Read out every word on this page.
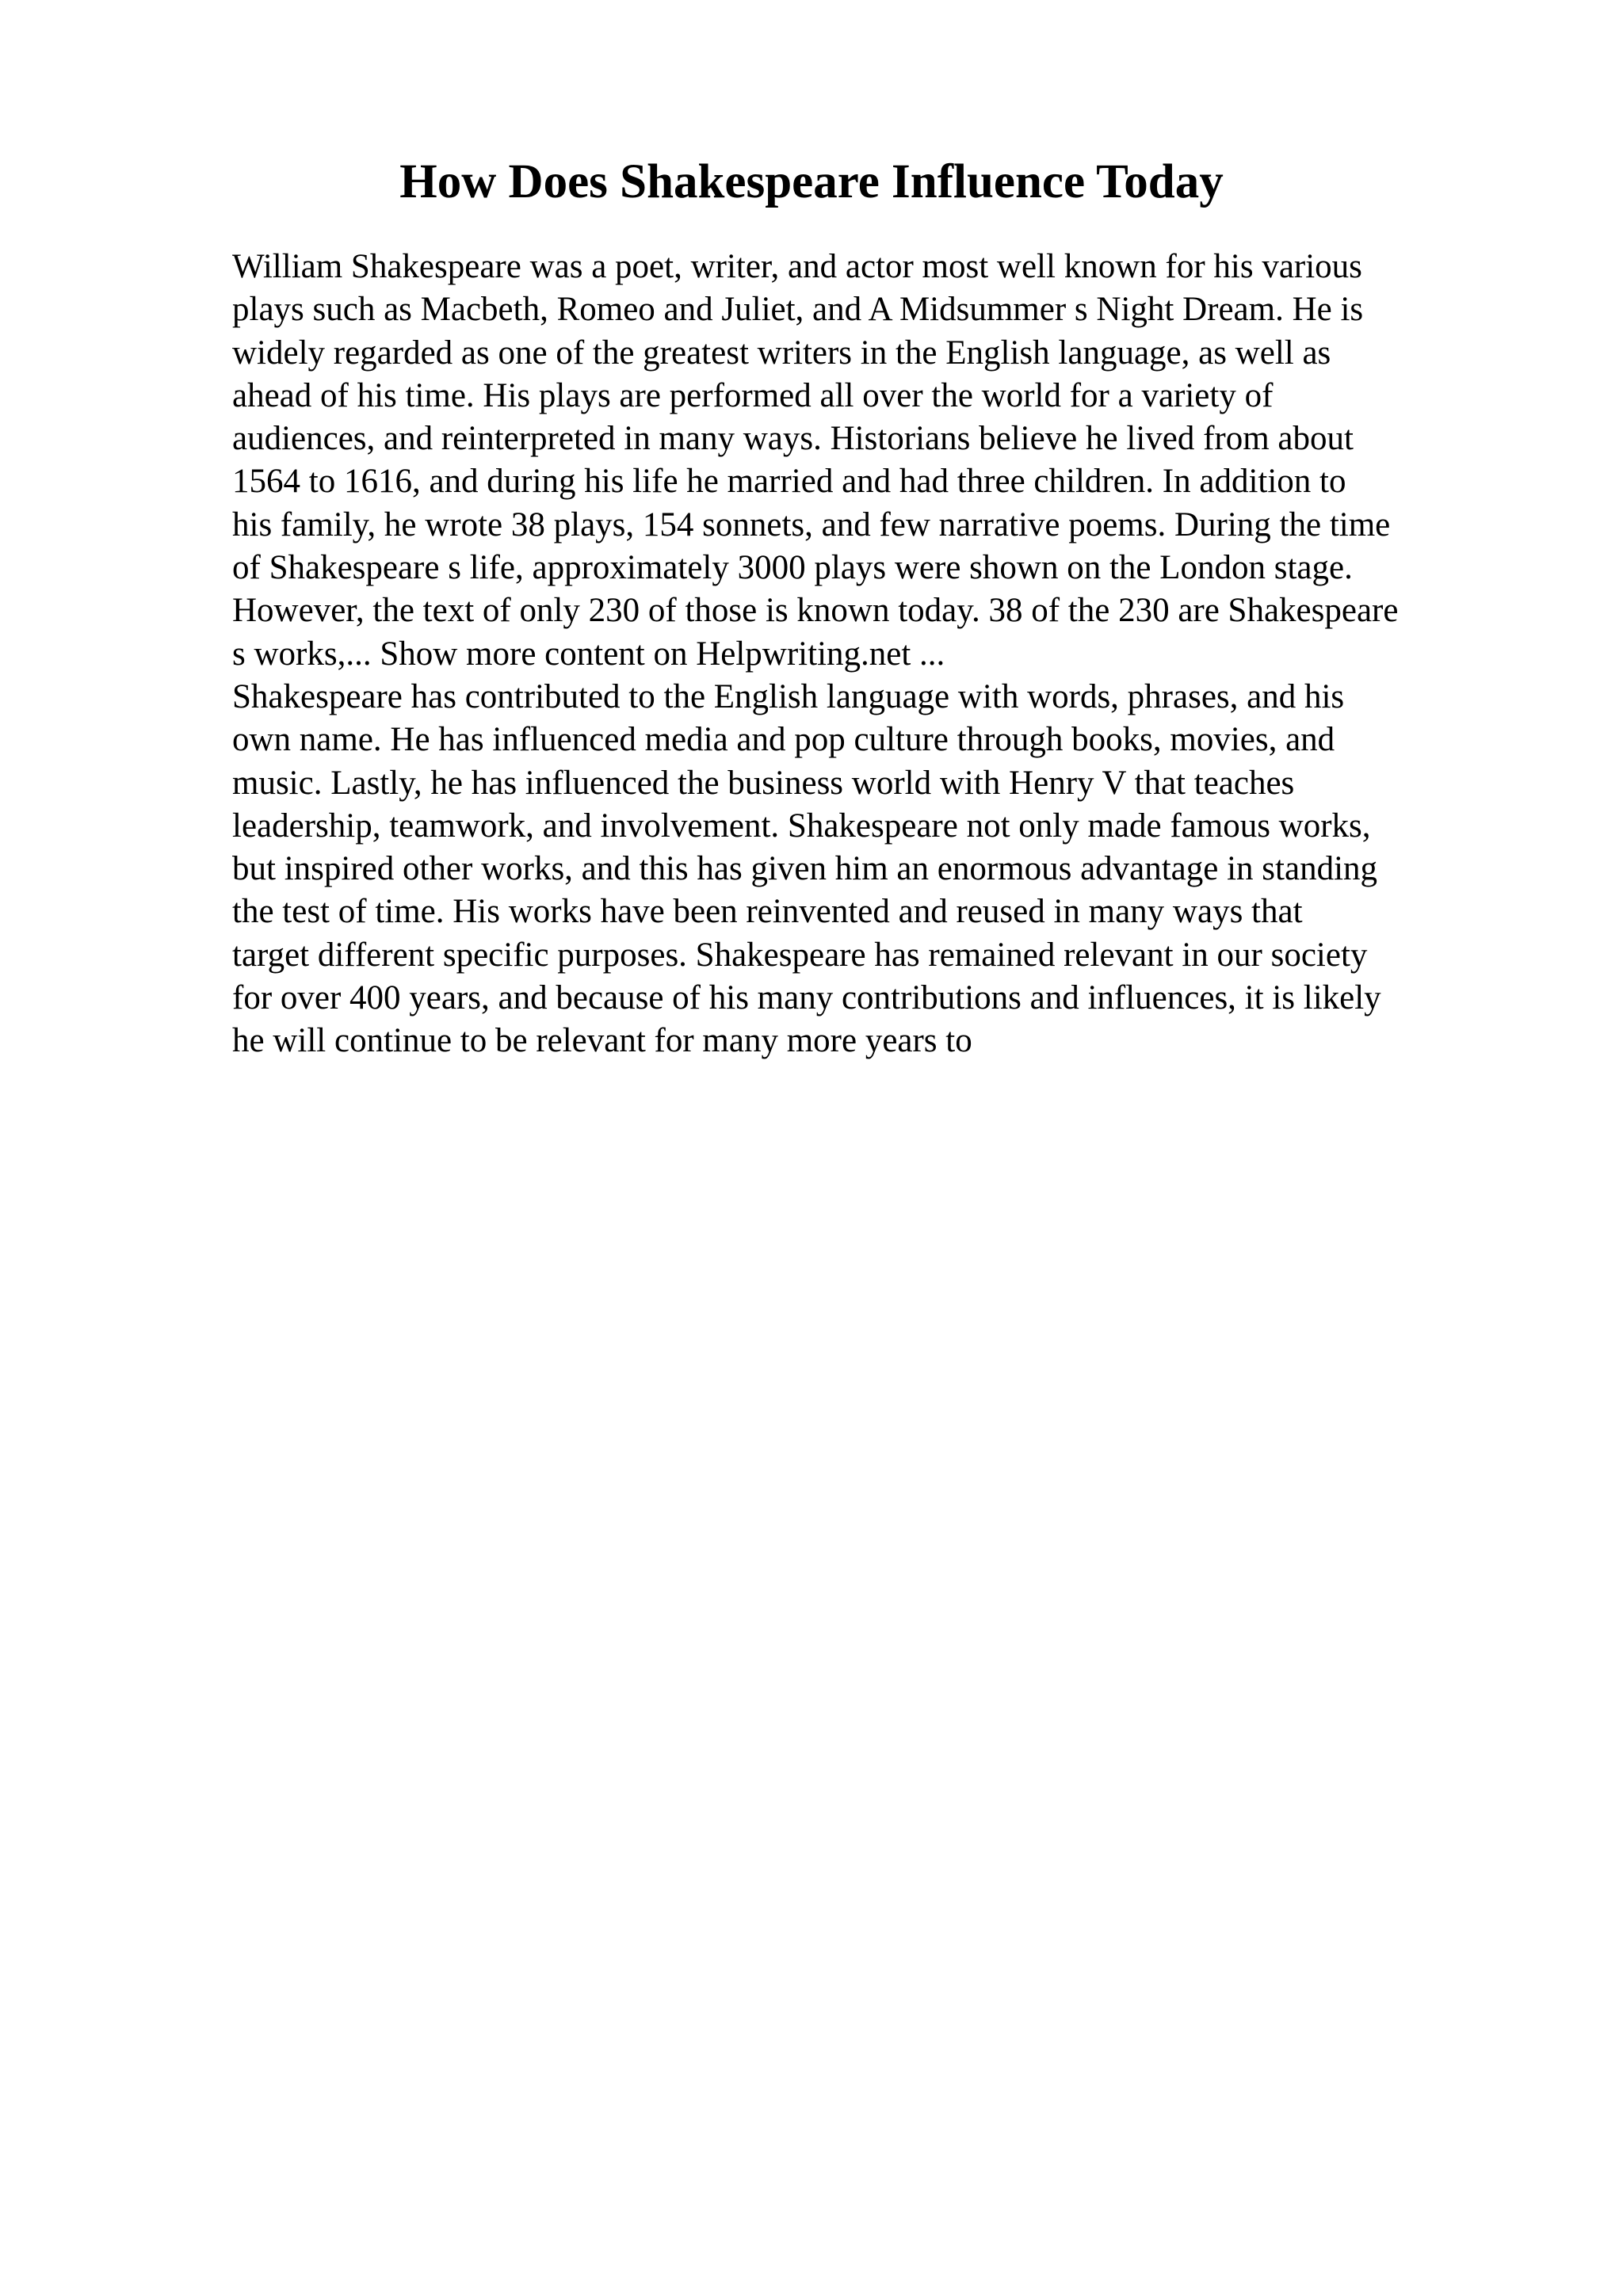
How Does Shakespeare Influence Today
William Shakespeare was a poet, writer, and actor most well known for his various
plays such as Macbeth, Romeo and Juliet, and A Midsummer s Night Dream. He is
widely regarded as one of the greatest writers in the English language, as well as
ahead of his time. His plays are performed all over the world for a variety of
audiences, and reinterpreted in many ways. Historians believe he lived from about
1564 to 1616, and during his life he married and had three children. In addition to
his family, he wrote 38 plays, 154 sonnets, and few narrative poems. During the time
of Shakespeare s life, approximately 3000 plays were shown on the London stage.
However, the text of only 230 of those is known today. 38 of the 230 are Shakespeare
s works,... Show more content on Helpwriting.net ...
Shakespeare has contributed to the English language with words, phrases, and his
own name. He has influenced media and pop culture through books, movies, and
music. Lastly, he has influenced the business world with Henry V that teaches
leadership, teamwork, and involvement. Shakespeare not only made famous works,
but inspired other works, and this has given him an enormous advantage in standing
the test of time. His works have been reinvented and reused in many ways that
target different specific purposes. Shakespeare has remained relevant in our society
for over 400 years, and because of his many contributions and influences, it is likely
he will continue to be relevant for many more years to
